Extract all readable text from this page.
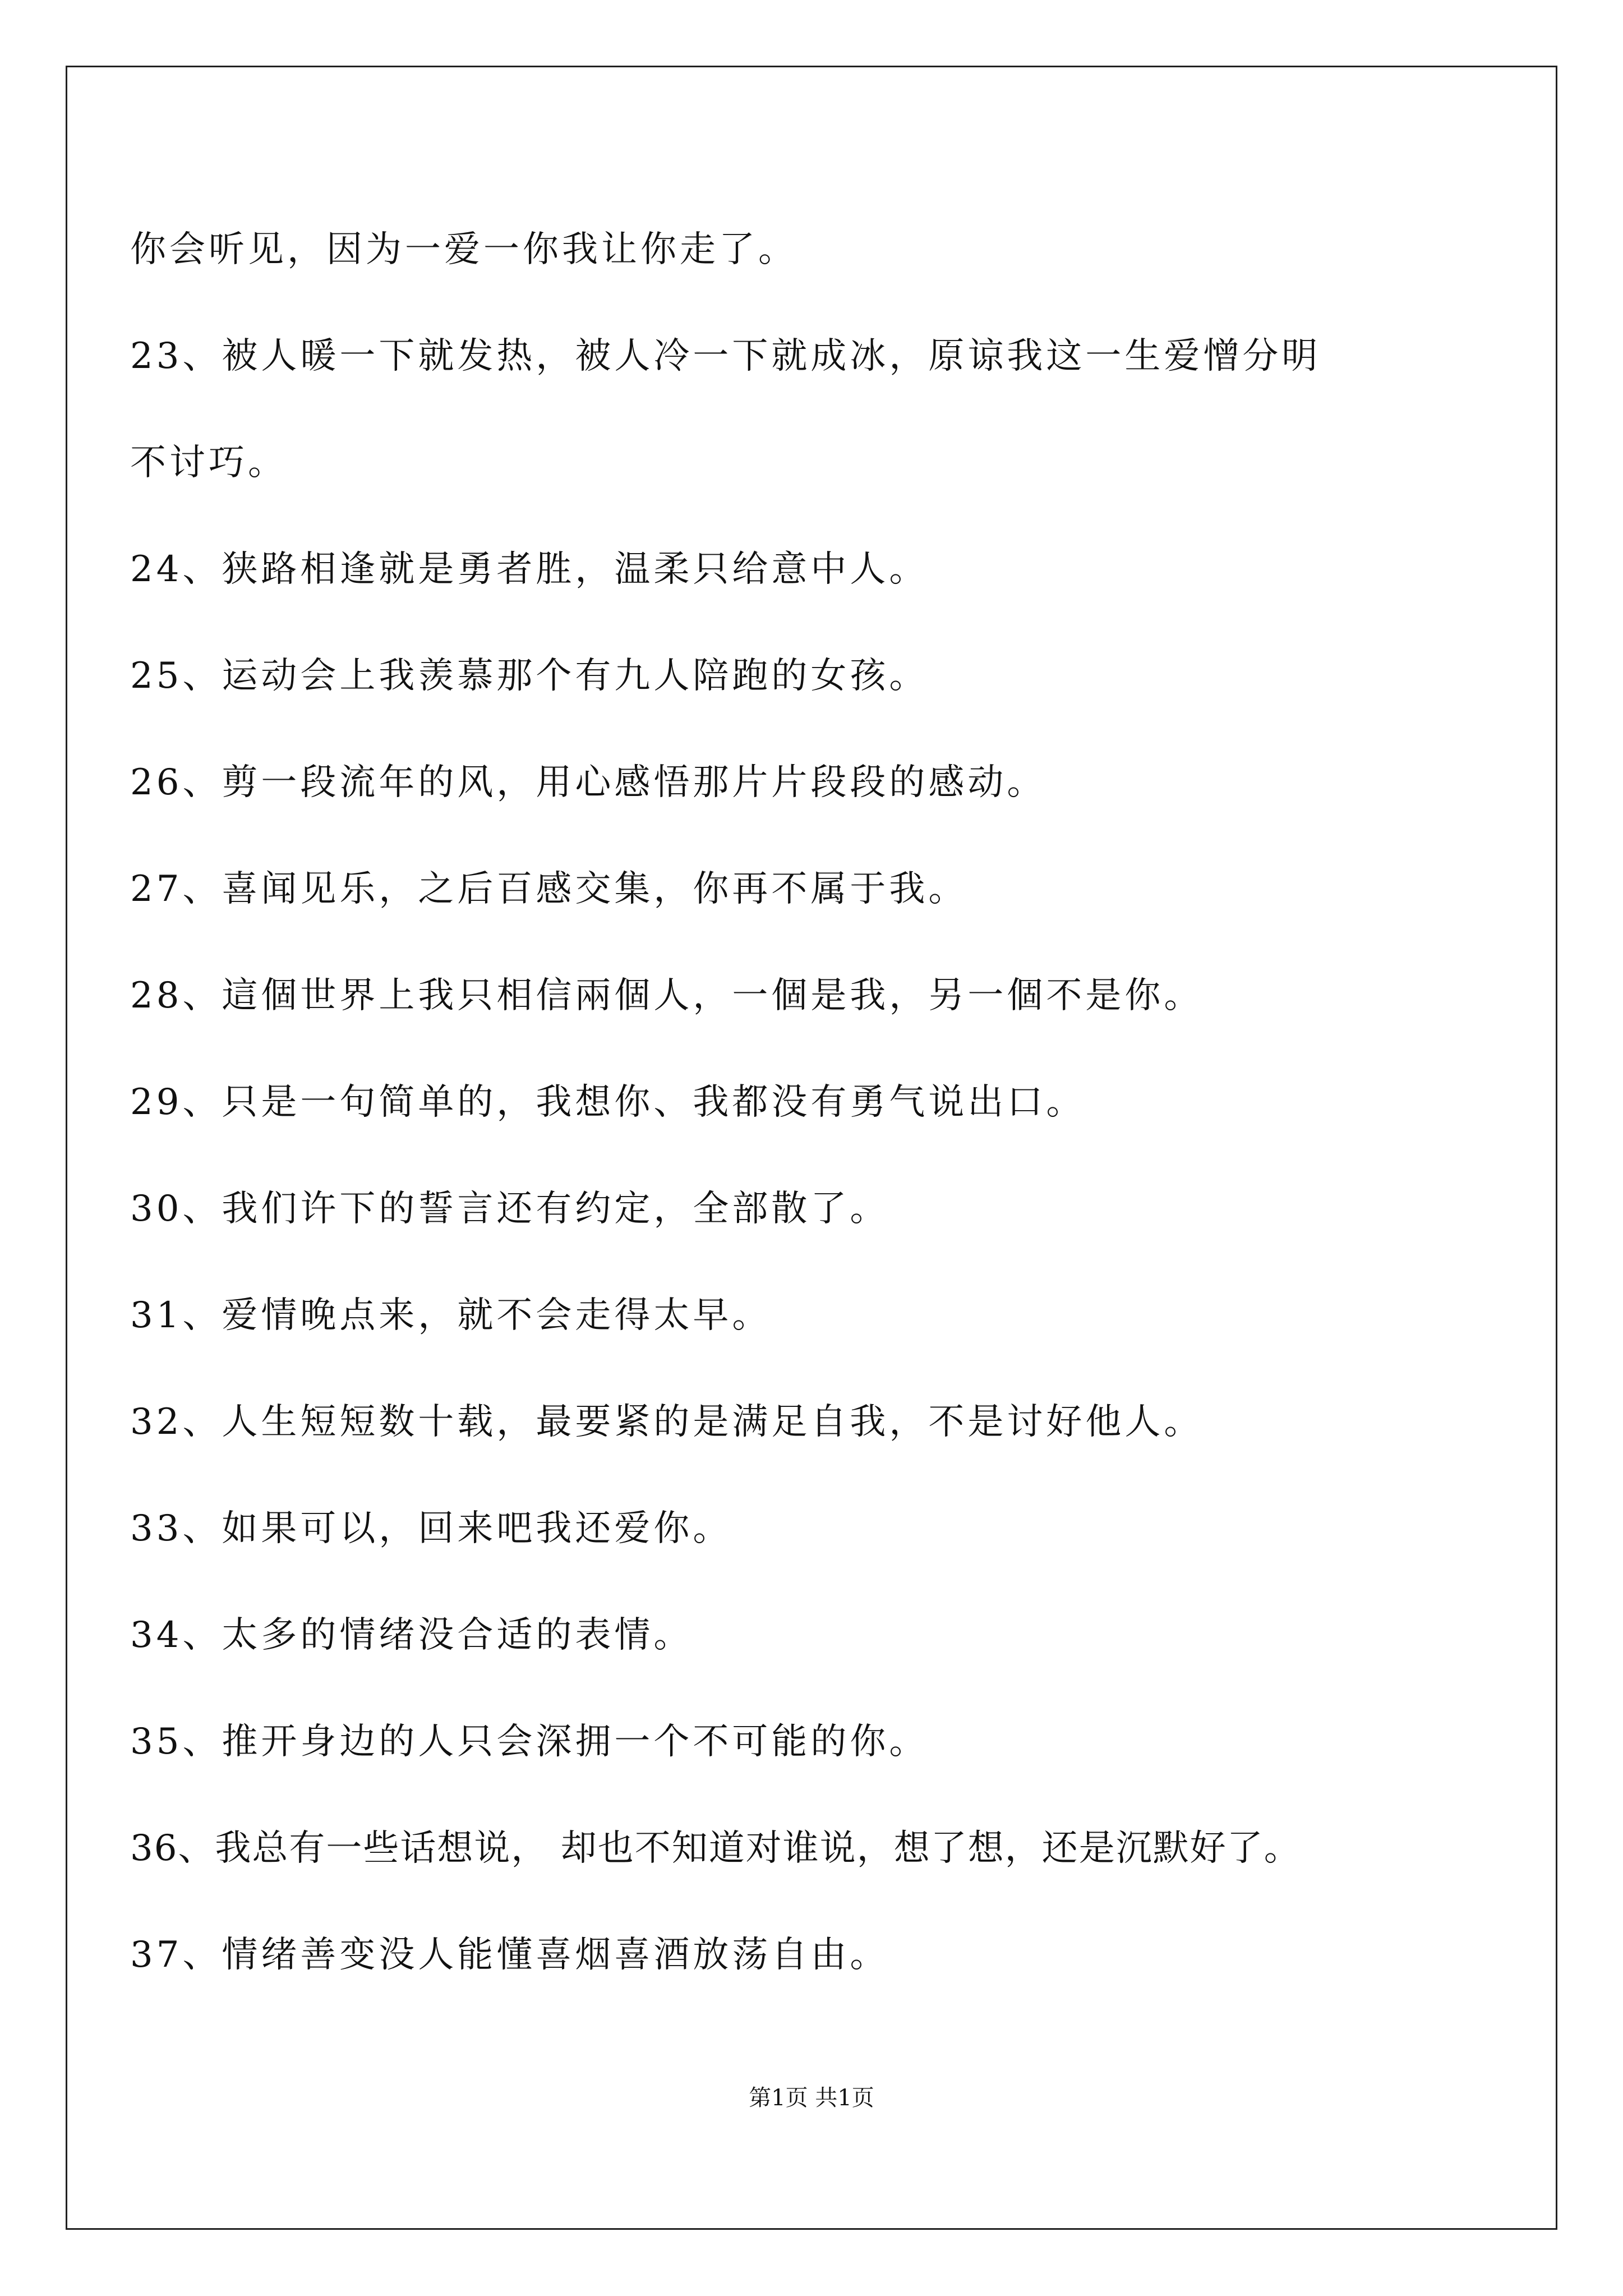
你会听见，因为一爱一你我让你走了。
23、被人暖一下就发热，被人冷一下就成冰，原谅我这一生爱憎分明
不讨巧。
24、狭路相逢就是勇者胜，温柔只给意中人。
25、运动会上我羡慕那个有九人陪跑的女孩。
26、剪一段流年的风，用心感悟那片片段段的感动。
27、喜闻见乐，之后百感交集，你再不属于我。
28、這個世界上我只相信兩個人，一個是我，另一個不是你。
29、只是一句简单的，我想你、我都没有勇气说出口。
30、我们许下的誓言还有约定，全部散了。
31、爱情晚点来，就不会走得太早。
32、人生短短数十载，最要紧的是满足自我，不是讨好他人。
33、如果可以，回来吧我还爱你。
34、太多的情绪没合适的表情。
35、推开身边的人只会深拥一个不可能的你。
36、我总有一些话想说， 却也不知道对谁说，想了想，还是沉默好了。
37、情绪善变没人能懂喜烟喜酒放荡自由。
第1页 共1页
